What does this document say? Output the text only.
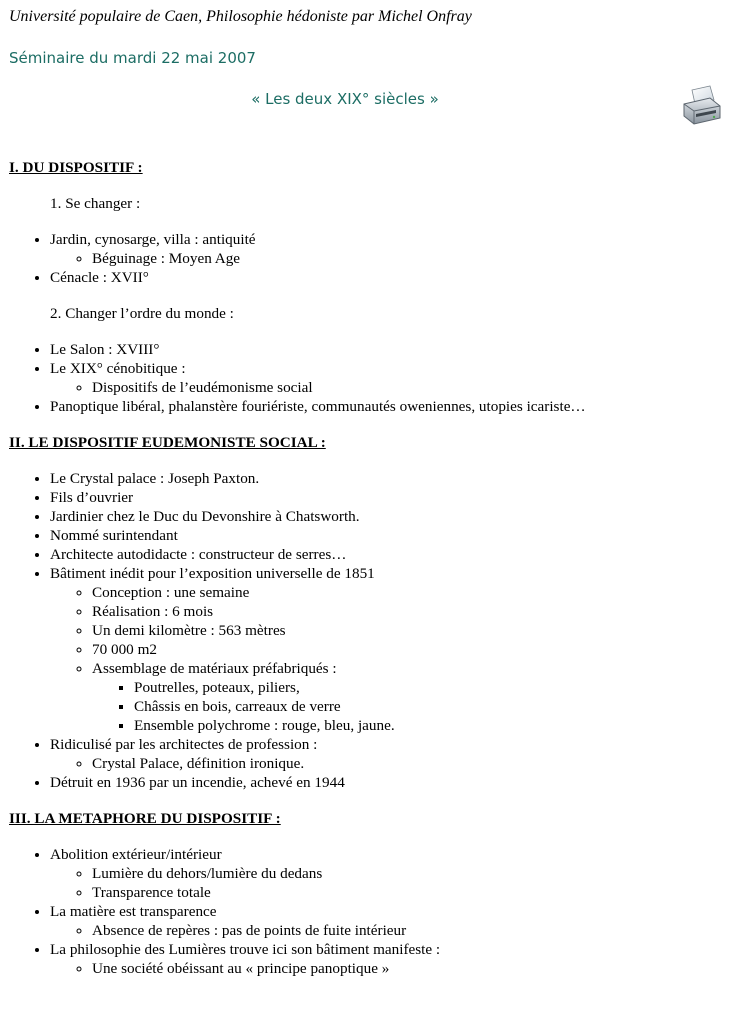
Université populaire de Caen, Philosophie hédoniste par Michel Onfray
Séminaire du mardi 22 mai 2007
« Les deux XIX° siècles »
I. DU DISPOSITIF :
1. Se changer :
• Jardin, cynosarge, villa : antiquité
◦ Béguinage : Moyen Age
• Cénacle : XVII°
2. Changer l’ordre du monde :
• Le Salon : XVIII°
• Le XIX° cénobitique :
◦ Dispositifs de l’eudémonisme social
• Panoptique libéral, phalanstère fouriériste, communautés oweniennes, utopies icariste…
II. LE DISPOSITIF EUDEMONISTE SOCIAL :
• Le Crystal palace : Joseph Paxton.
• Fils d’ouvrier
• Jardinier chez le Duc du Devonshire à Chatsworth.
• Nommé surintendant
• Architecte autodidacte : constructeur de serres…
• Bâtiment inédit pour l’exposition universelle de 1851
◦ Conception : une semaine
◦ Réalisation : 6 mois
◦ Un demi kilomètre : 563 mètres
◦ 70 000 m2
◦ Assemblage de matériaux préfabriqués :
▪ Poutrelles, poteaux, piliers,
▪ Châssis en bois, carreaux de verre
▪ Ensemble polychrome : rouge, bleu, jaune.
• Ridiculisé par les architectes de profession :
◦ Crystal Palace, définition ironique.
• Détruit en 1936 par un incendie, achevé en 1944
III. LA METAPHORE DU DISPOSITIF :
• Abolition extérieur/intérieur
◦ Lumière du dehors/lumière du dedans
◦ Transparence totale
• La matière est transparence
◦ Absence de repères : pas de points de fuite intérieur
• La philosophie des Lumières trouve ici son bâtiment manifeste :
◦ Une société obéissant au « principe panoptique »
